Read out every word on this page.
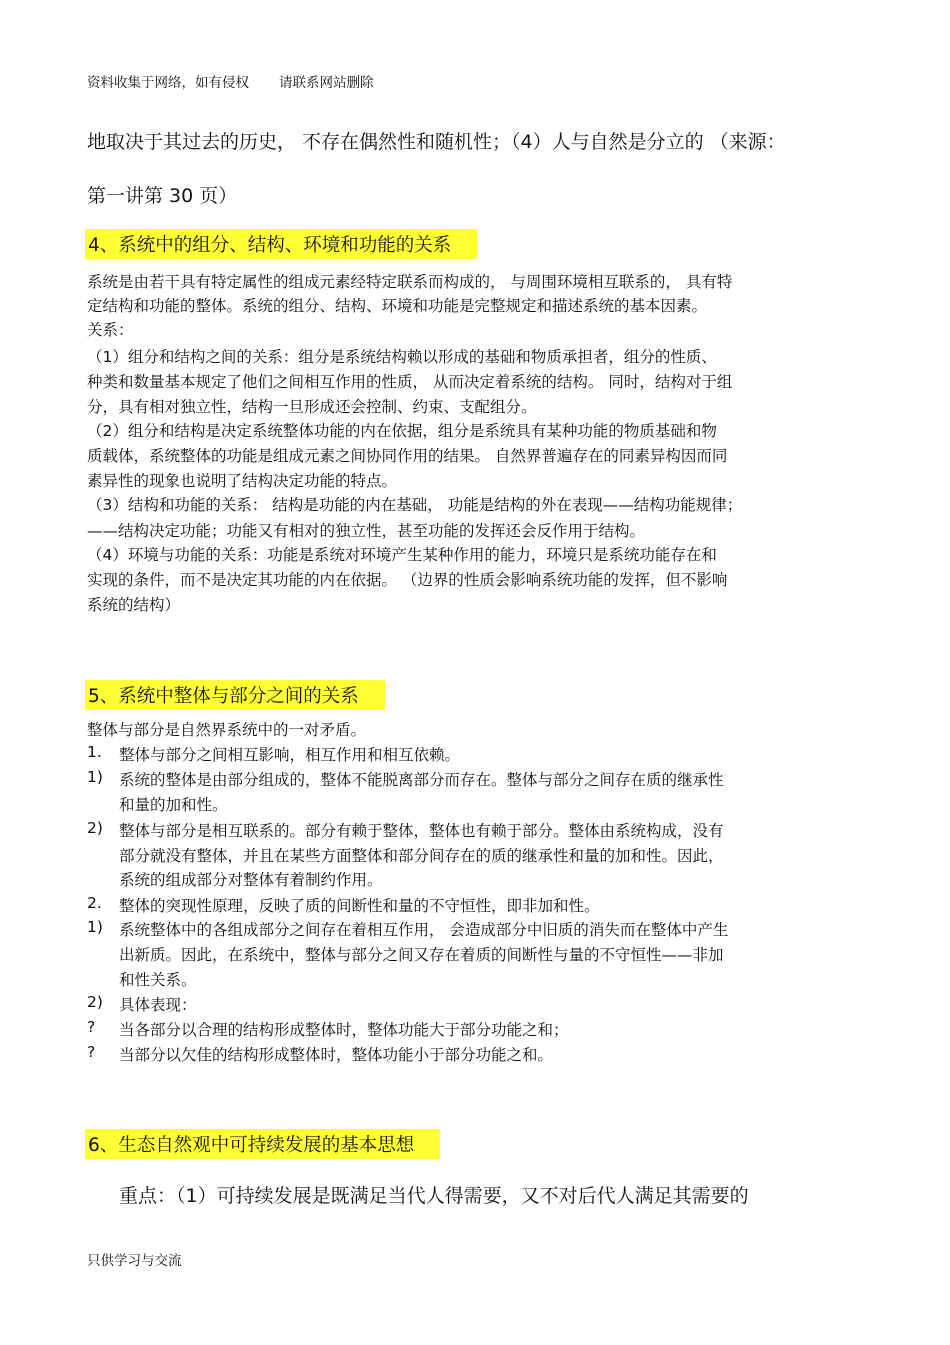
资料收集于网络，如有侵权 请联系网站删除
地取决于其过去的历史， 不存在偶然性和随机性；（4）人与自然是分立的 （来源：
第一讲第 30 页）
4、系统中的组分、结构、环境和功能的关系
系统是由若干具有特定属性的组成元素经特定联系而构成的， 与周围环境相互联系的， 具有特
定结构和功能的整体。系统的组分、结构、环境和功能是完整规定和描述系统的基本因素。
关系：
（1）组分和结构之间的关系：组分是系统结构赖以形成的基础和物质承担者，组分的性质、
种类和数量基本规定了他们之间相互作用的性质， 从而决定着系统的结构。 同时，结构对于组
分，具有相对独立性，结构一旦形成还会控制、约束、支配组分。
（2）组分和结构是决定系统整体功能的内在依据，组分是系统具有某种功能的物质基础和物
质载体，系统整体的功能是组成元素之间协同作用的结果。 自然界普遍存在的同素异构因而同
素异性的现象也说明了结构决定功能的特点。
（3）结构和功能的关系： 结构是功能的内在基础， 功能是结构的外在表现——结构功能规律；
——结构决定功能；功能又有相对的独立性，甚至功能的发挥还会反作用于结构。
（4）环境与功能的关系：功能是系统对环境产生某种作用的能力，环境只是系统功能存在和
实现的条件，而不是决定其功能的内在依据。 （边界的性质会影响系统功能的发挥，但不影响
系统的结构）
5、系统中整体与部分之间的关系
整体与部分是自然界系统中的一对矛盾。
1. 整体与部分之间相互影响，相互作用和相互依赖。
1) 系统的整体是由部分组成的，整体不能脱离部分而存在。整体与部分之间存在质的继承性
和量的加和性。
2) 整体与部分是相互联系的。部分有赖于整体，整体也有赖于部分。整体由系统构成，没有
部分就没有整体，并且在某些方面整体和部分间存在的质的继承性和量的加和性。因此，
系统的组成部分对整体有着制约作用。
2. 整体的突现性原理，反映了质的间断性和量的不守恒性，即非加和性。
1) 系统整体中的各组成部分之间存在着相互作用， 会造成部分中旧质的消失而在整体中产生
出新质。因此，在系统中，整体与部分之间又存在着质的间断性与量的不守恒性——非加
和性关系。
2) 具体表现：
? 当各部分以合理的结构形成整体时，整体功能大于部分功能之和；
? 当部分以欠佳的结构形成整体时，整体功能小于部分功能之和。
6、生态自然观中可持续发展的基本思想
重点：（1）可持续发展是既满足当代人得需要，又不对后代人满足其需要的
只供学习与交流
